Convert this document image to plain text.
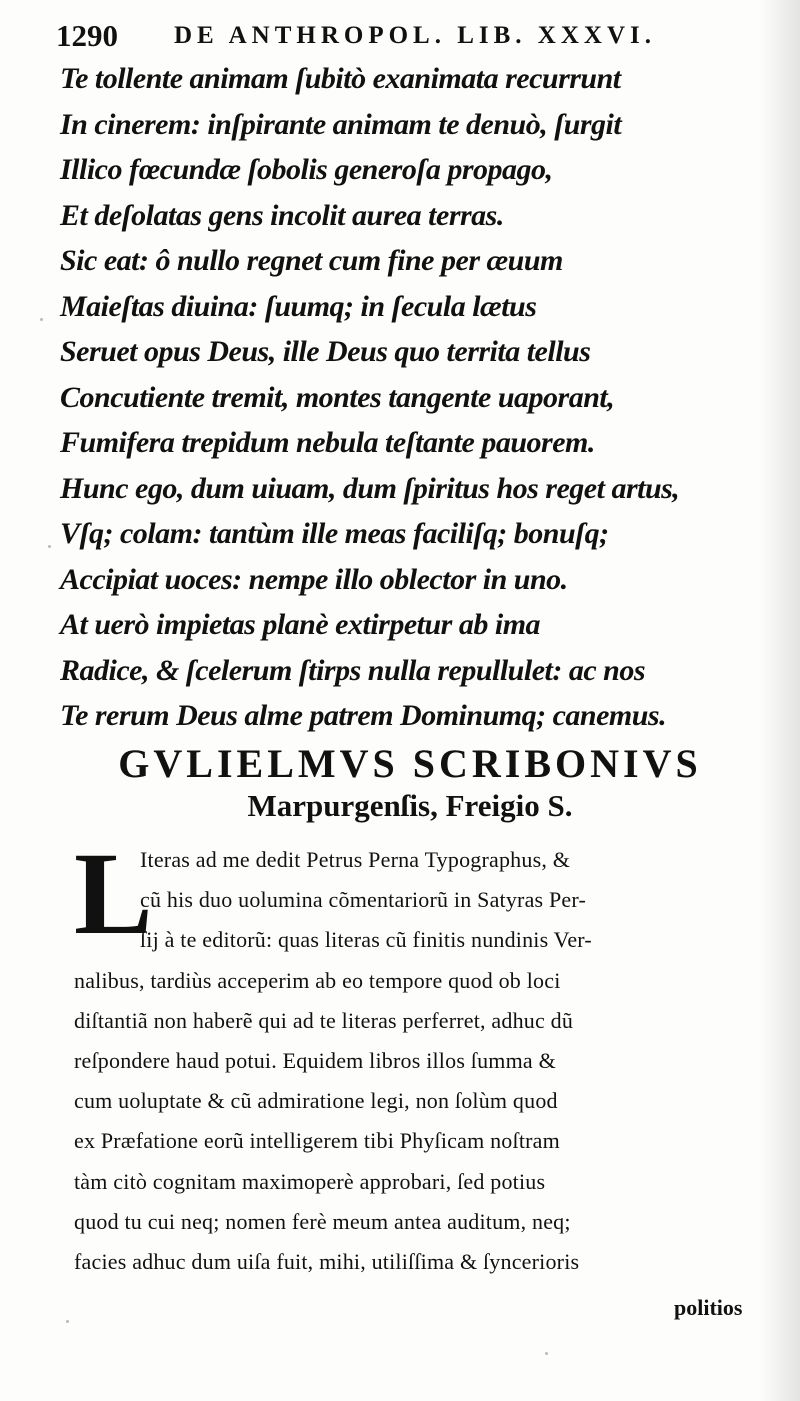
1290 DE ANTHROPOL. LIB. XXXVI.
Te tollente animam ſubitò exanimata recurrunt
In cinerem: inſpirante animam te denuò, ſurgit
Illico fœcundæ ſobolis generoſa propago,
Et deſolatas gens incolit aurea terras.
Sic eat: ô nullo regnet cum fine per æuum
Maieſtas diuina: ſuumq; in ſecula lætus
Seruet opus Deus, ille Deus quo territa tellus
Concutiente tremit, montes tangente uaporant,
Fumifera trepidum nebula teſtante pauorem.
Hunc ego, dum uiuam, dum ſpiritus hos reget artus,
Vſq; colam: tantùm ille meas faciliſq; bonuſq;
Accipiat uoces: nempe illo oblector in uno.
At uerò impietas planè extirpetur ab ima
Radice, & ſcelerum ſtirps nulla repullulet: ac nos
Te rerum Deus alme patrem Dominumq; canemus.
GVLIELMVS SCRIBONIVS
Marpurgenſis, Freigio S.
L
Iteras ad me dedit Petrus Perna Typographus, &
cũ his duo uolumina cõmentariorũ in Satyras Per-
ſij à te editorũ: quas literas cũ finitis nundinis Ver-
nalibus, tardiùs acceperim ab eo tempore quod ob loci
diſtantiã non haberẽ qui ad te literas perferret, adhuc dũ
reſpondere haud potui. Equidem libros illos ſumma &
cum uoluptate & cũ admiratione legi, non ſolùm quod
ex Præfatione eorũ intelligerem tibi Phyſicam noſtram
tàm citò cognitam maximoperè approbari, ſed potius
quod tu cui neq; nomen ferè meum antea auditum, neq;
facies adhuc dum uiſa fuit, mihi, utiliſſima & ſyncerioris
politios
